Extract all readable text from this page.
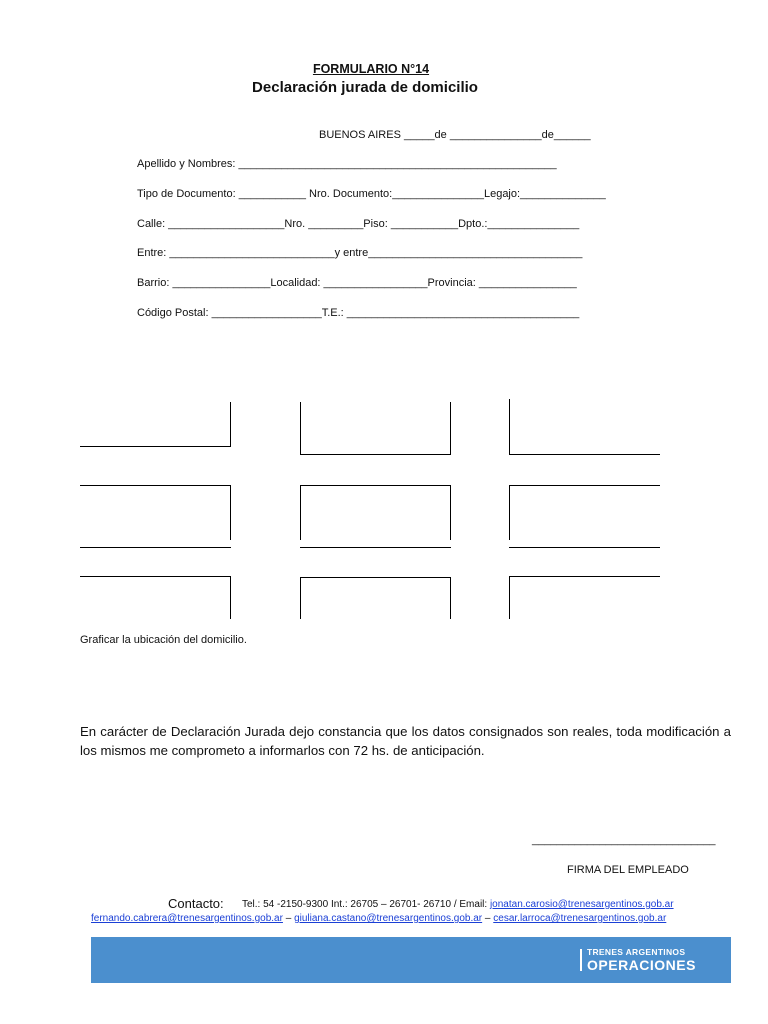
FORMULARIO N°14
Declaración jurada de domicilio
BUENOS AIRES _____de _______________de______
Apellido y Nombres: ____________________________________________________
Tipo de Documento: ___________ Nro. Documento:_______________Legajo:______________
Calle: ___________________Nro. _________Piso: ___________Dpto.:_______________
Entre: ___________________________y entre___________________________________
Barrio: ________________Localidad: _________________Provincia: ________________
Código Postal: __________________T.E.: ______________________________________
Graficar la ubicación del domicilio.
En carácter de Declaración Jurada dejo constancia que los datos consignados son reales, toda modificación a los mismos me comprometo a informarlos con 72 hs. de anticipación.
______________________________
FIRMA DEL EMPLEADO
Contacto: Tel.: 54 -2150-9300 Int.: 26705 – 26701- 26710 / Email: jonatan.carosio@trenesargentinos.gob.ar
fernando.cabrera@trenesargentinos.gob.ar – giuliana.castano@trenesargentinos.gob.ar – cesar.larroca@trenesargentinos.gob.ar
TRENES ARGENTINOS
OPERACIONES
